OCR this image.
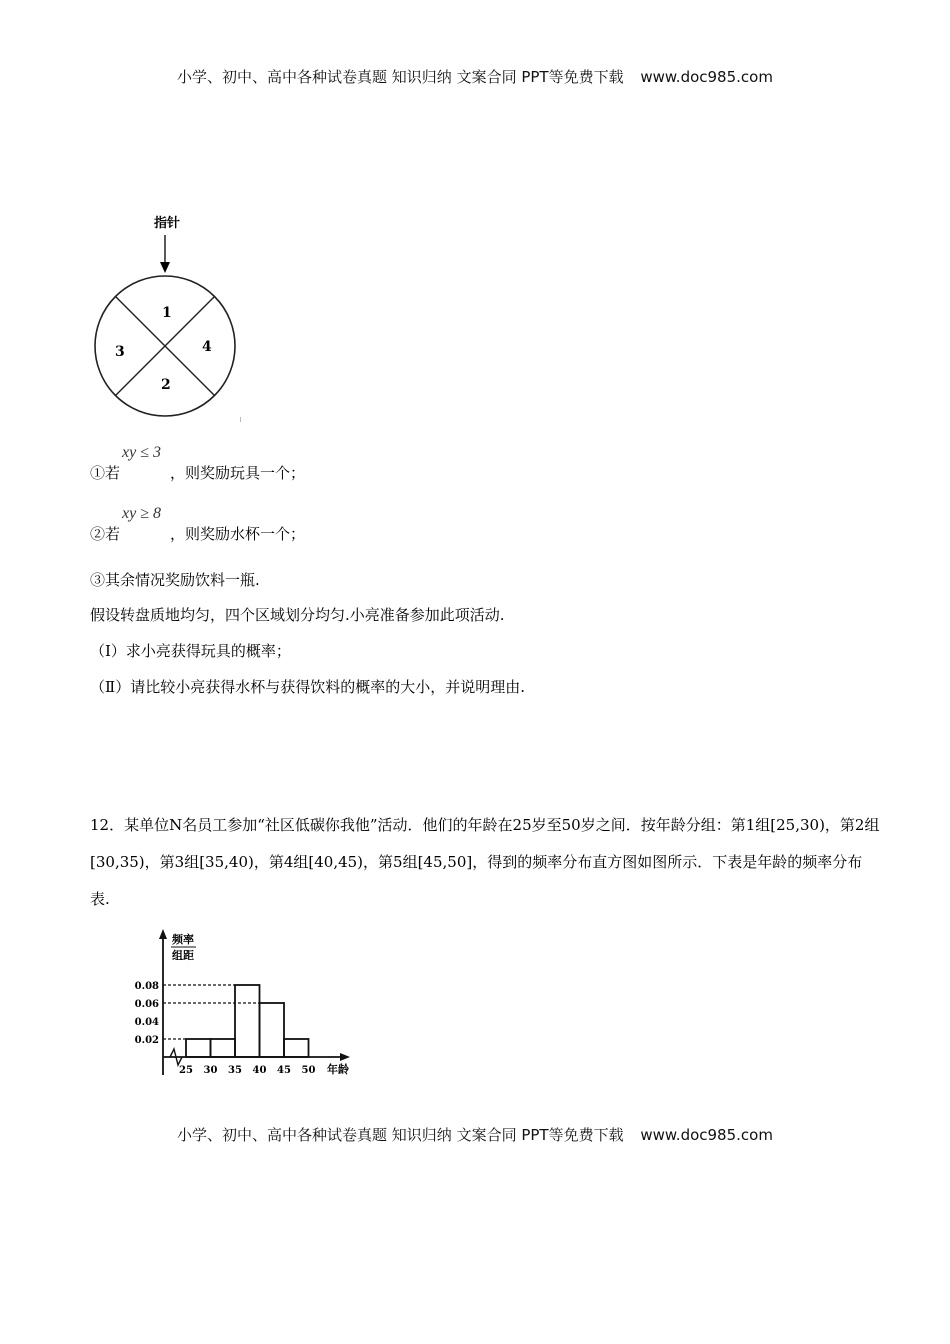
小学、初中、高中各种试卷真题 知识归纳 文案合同 PPT等免费下载 www.doc985.com
指针
1
2
3	4
①若
xy ≤ 3
，则奖励玩具一个；
②若
xy ≥ 8
，则奖励水杯一个；
③其余情况奖励饮料一瓶.
假设转盘质地均匀，四个区域划分均匀.小亮准备参加此项活动.
（Ⅰ）求小亮获得玩具的概率；
（Ⅱ）请比较小亮获得水杯与获得饮料的概率的大小，并说明理由.
12．某单位N名员工参加“社区低碳你我他”活动．他们的年龄在25岁至50岁之间．按年龄分组：第1组[25,30)，第2组[30,35)，第3组[35,40)，第4组[40,45)，第5组[45,50]，得到的频率分布直方图如图所示．下表是年龄的频率分布表.
频率
组距
年龄
0.02
0.04
0.06
0.08
25 30 35 40 45 50
小学、初中、高中各种试卷真题 知识归纳 文案合同 PPT等免费下载 www.doc985.com
